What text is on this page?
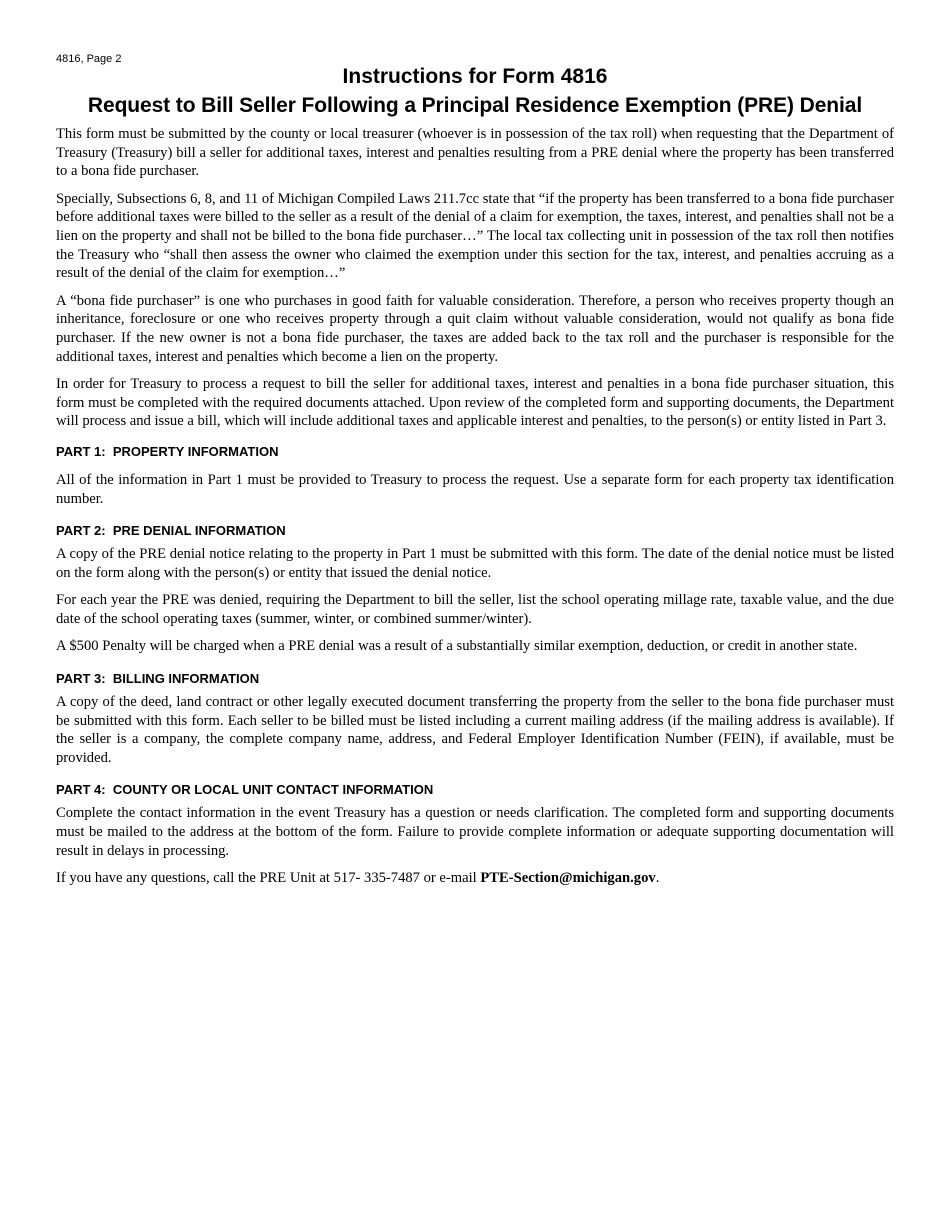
4816, Page 2
Instructions for Form 4816
Request to Bill Seller Following a Principal Residence Exemption (PRE) Denial

This form must be submitted by the county or local treasurer (whoever is in possession of the tax roll) when requesting that the Department of Treasury (Treasury) bill a seller for additional taxes, interest and penalties resulting from a PRE denial where the property has been transferred to a bona fide purchaser.

Specially, Subsections 6, 8, and 11 of Michigan Compiled Laws 211.7cc state that “if the property has been transferred to a bona fide purchaser before additional taxes were billed to the seller as a result of the denial of a claim for exemption, the taxes, interest, and penalties shall not be a lien on the property and shall not be billed to the bona fide purchaser…” The local tax collecting unit in possession of the tax roll then notifies the Treasury who “shall then assess the owner who claimed the exemption under this section for the tax, interest, and penalties accruing as a result of the denial of the claim for exemption…”

A “bona fide purchaser” is one who purchases in good faith for valuable consideration. Therefore, a person who receives property though an inheritance, foreclosure or one who receives property through a quit claim without valuable consideration, would not qualify as bona fide purchaser. If the new owner is not a bona fide purchaser, the taxes are added back to the tax roll and the purchaser is responsible for the additional taxes, interest and penalties which become a lien on the property.

In order for Treasury to process a request to bill the seller for additional taxes, interest and penalties in a bona fide purchaser situation, this form must be completed with the required documents attached. Upon review of the completed form and supporting documents, the Department will process and issue a bill, which will include additional taxes and applicable interest and penalties, to the person(s) or entity listed in Part 3.

PART 1:  PROPERTY INFORMATION

All of the information in Part 1 must be provided to Treasury to process the request. Use a separate form for each property tax identification number.

PART 2:  PRE DENIAL INFORMATION

A copy of the PRE denial notice relating to the property in Part 1 must be submitted with this form. The date of the denial notice must be listed on the form along with the person(s) or entity that issued the denial notice.

For each year the PRE was denied, requiring the Department to bill the seller, list the school operating millage rate, taxable value, and the due date of the school operating taxes (summer, winter, or combined summer/winter).

A $500 Penalty will be charged when a PRE denial was a result of a substantially similar exemption, deduction, or credit in another state.

PART 3:  BILLING INFORMATION

A copy of the deed, land contract or other legally executed document transferring the property from the seller to the bona fide purchaser must be submitted with this form. Each seller to be billed must be listed including a current mailing address (if the mailing address is available). If the seller is a company, the complete company name, address, and Federal Employer Identification Number (FEIN), if available, must be provided.

PART 4:  COUNTY OR LOCAL UNIT CONTACT INFORMATION

Complete the contact information in the event Treasury has a question or needs clarification. The completed form and supporting documents must be mailed to the address at the bottom of the form. Failure to provide complete information or adequate supporting documentation will result in delays in processing.

If you have any questions, call the PRE Unit at 517- 335-7487 or e-mail PTE-Section@michigan.gov.
